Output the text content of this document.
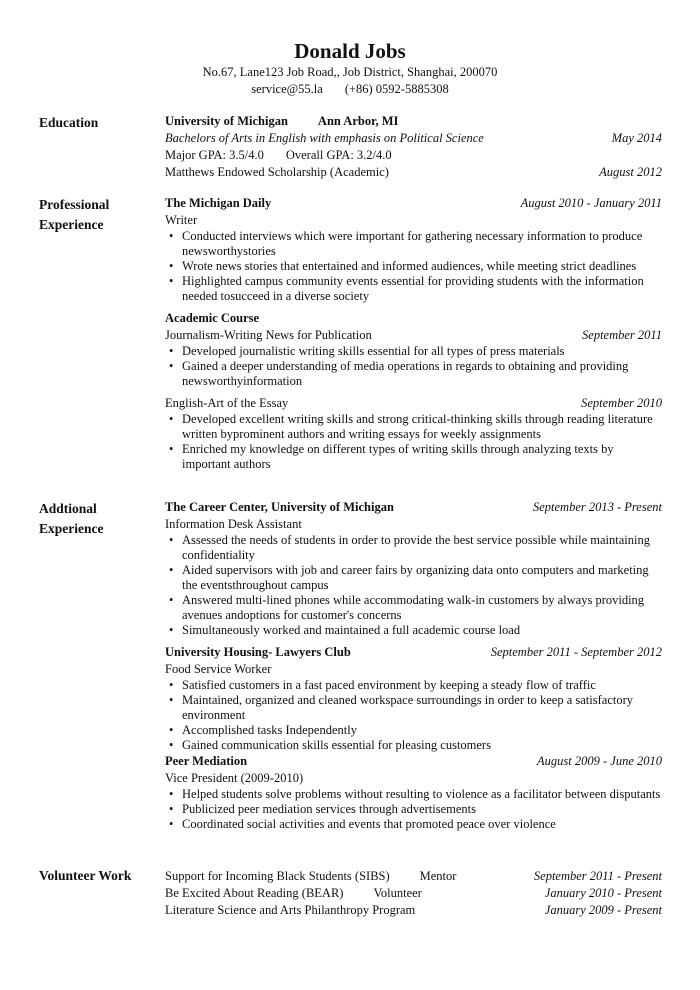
Donald Jobs
No.67, Lane123 Job Road,, Job District, Shanghai, 200070
service@55.la (+86) 0592-5885308
Education	University of Michigan Ann Arbor, MI
Bachelors of Arts in English with emphasis on Political Science	May 2014
Major GPA: 3.5/4.0 Overall GPA: 3.2/4.0
Matthews Endowed Scholarship (Academic)	August 2012
Professional
Experience
The Michigan Daily	August 2010 - January 2011
Writer
• Conducted interviews which were important for gathering necessary information to produce newsworthystories
• Wrote news stories that entertained and informed audiences, while meeting strict deadlines
• Highlighted campus community events essential for providing students with the information needed tosucceed in a diverse society
Academic Course
Journalism-Writing News for Publication	September 2011
• Developed journalistic writing skills essential for all types of press materials
• Gained a deeper understanding of media operations in regards to obtaining and providing newsworthyinformation
English-Art of the Essay	September 2010
• Developed excellent writing skills and strong critical-thinking skills through reading literature written byprominent authors and writing essays for weekly assignments
• Enriched my knowledge on different types of writing skills through analyzing texts by important authors
Addtional
Experience
The Career Center, University of Michigan	September 2013 - Present
Information Desk Assistant
• Assessed the needs of students in order to provide the best service possible while maintaining confidentiality
• Aided supervisors with job and career fairs by organizing data onto computers and marketing the eventsthroughout campus
• Answered multi-lined phones while accommodating walk-in customers by always providing avenues andoptions for customer's concerns
• Simultaneously worked and maintained a full academic course load
University Housing- Lawyers Club	September 2011 - September 2012
Food Service Worker
• Satisfied customers in a fast paced environment by keeping a steady flow of traffic
• Maintained, organized and cleaned workspace surroundings in order to keep a satisfactory environment
• Accomplished tasks Independently
• Gained communication skills essential for pleasing customers
Peer Mediation	August 2009 - June 2010
Vice President (2009-2010)
• Helped students solve problems without resulting to violence as a facilitator between disputants
• Publicized peer mediation services through advertisements
• Coordinated social activities and events that promoted peace over violence
Volunteer Work	Support for Incoming Black Students (SIBS) Mentor	September 2011 - Present
Be Excited About Reading (BEAR) Volunteer	January 2010 - Present
Literature Science and Arts Philanthropy Program	January 2009 - Present
